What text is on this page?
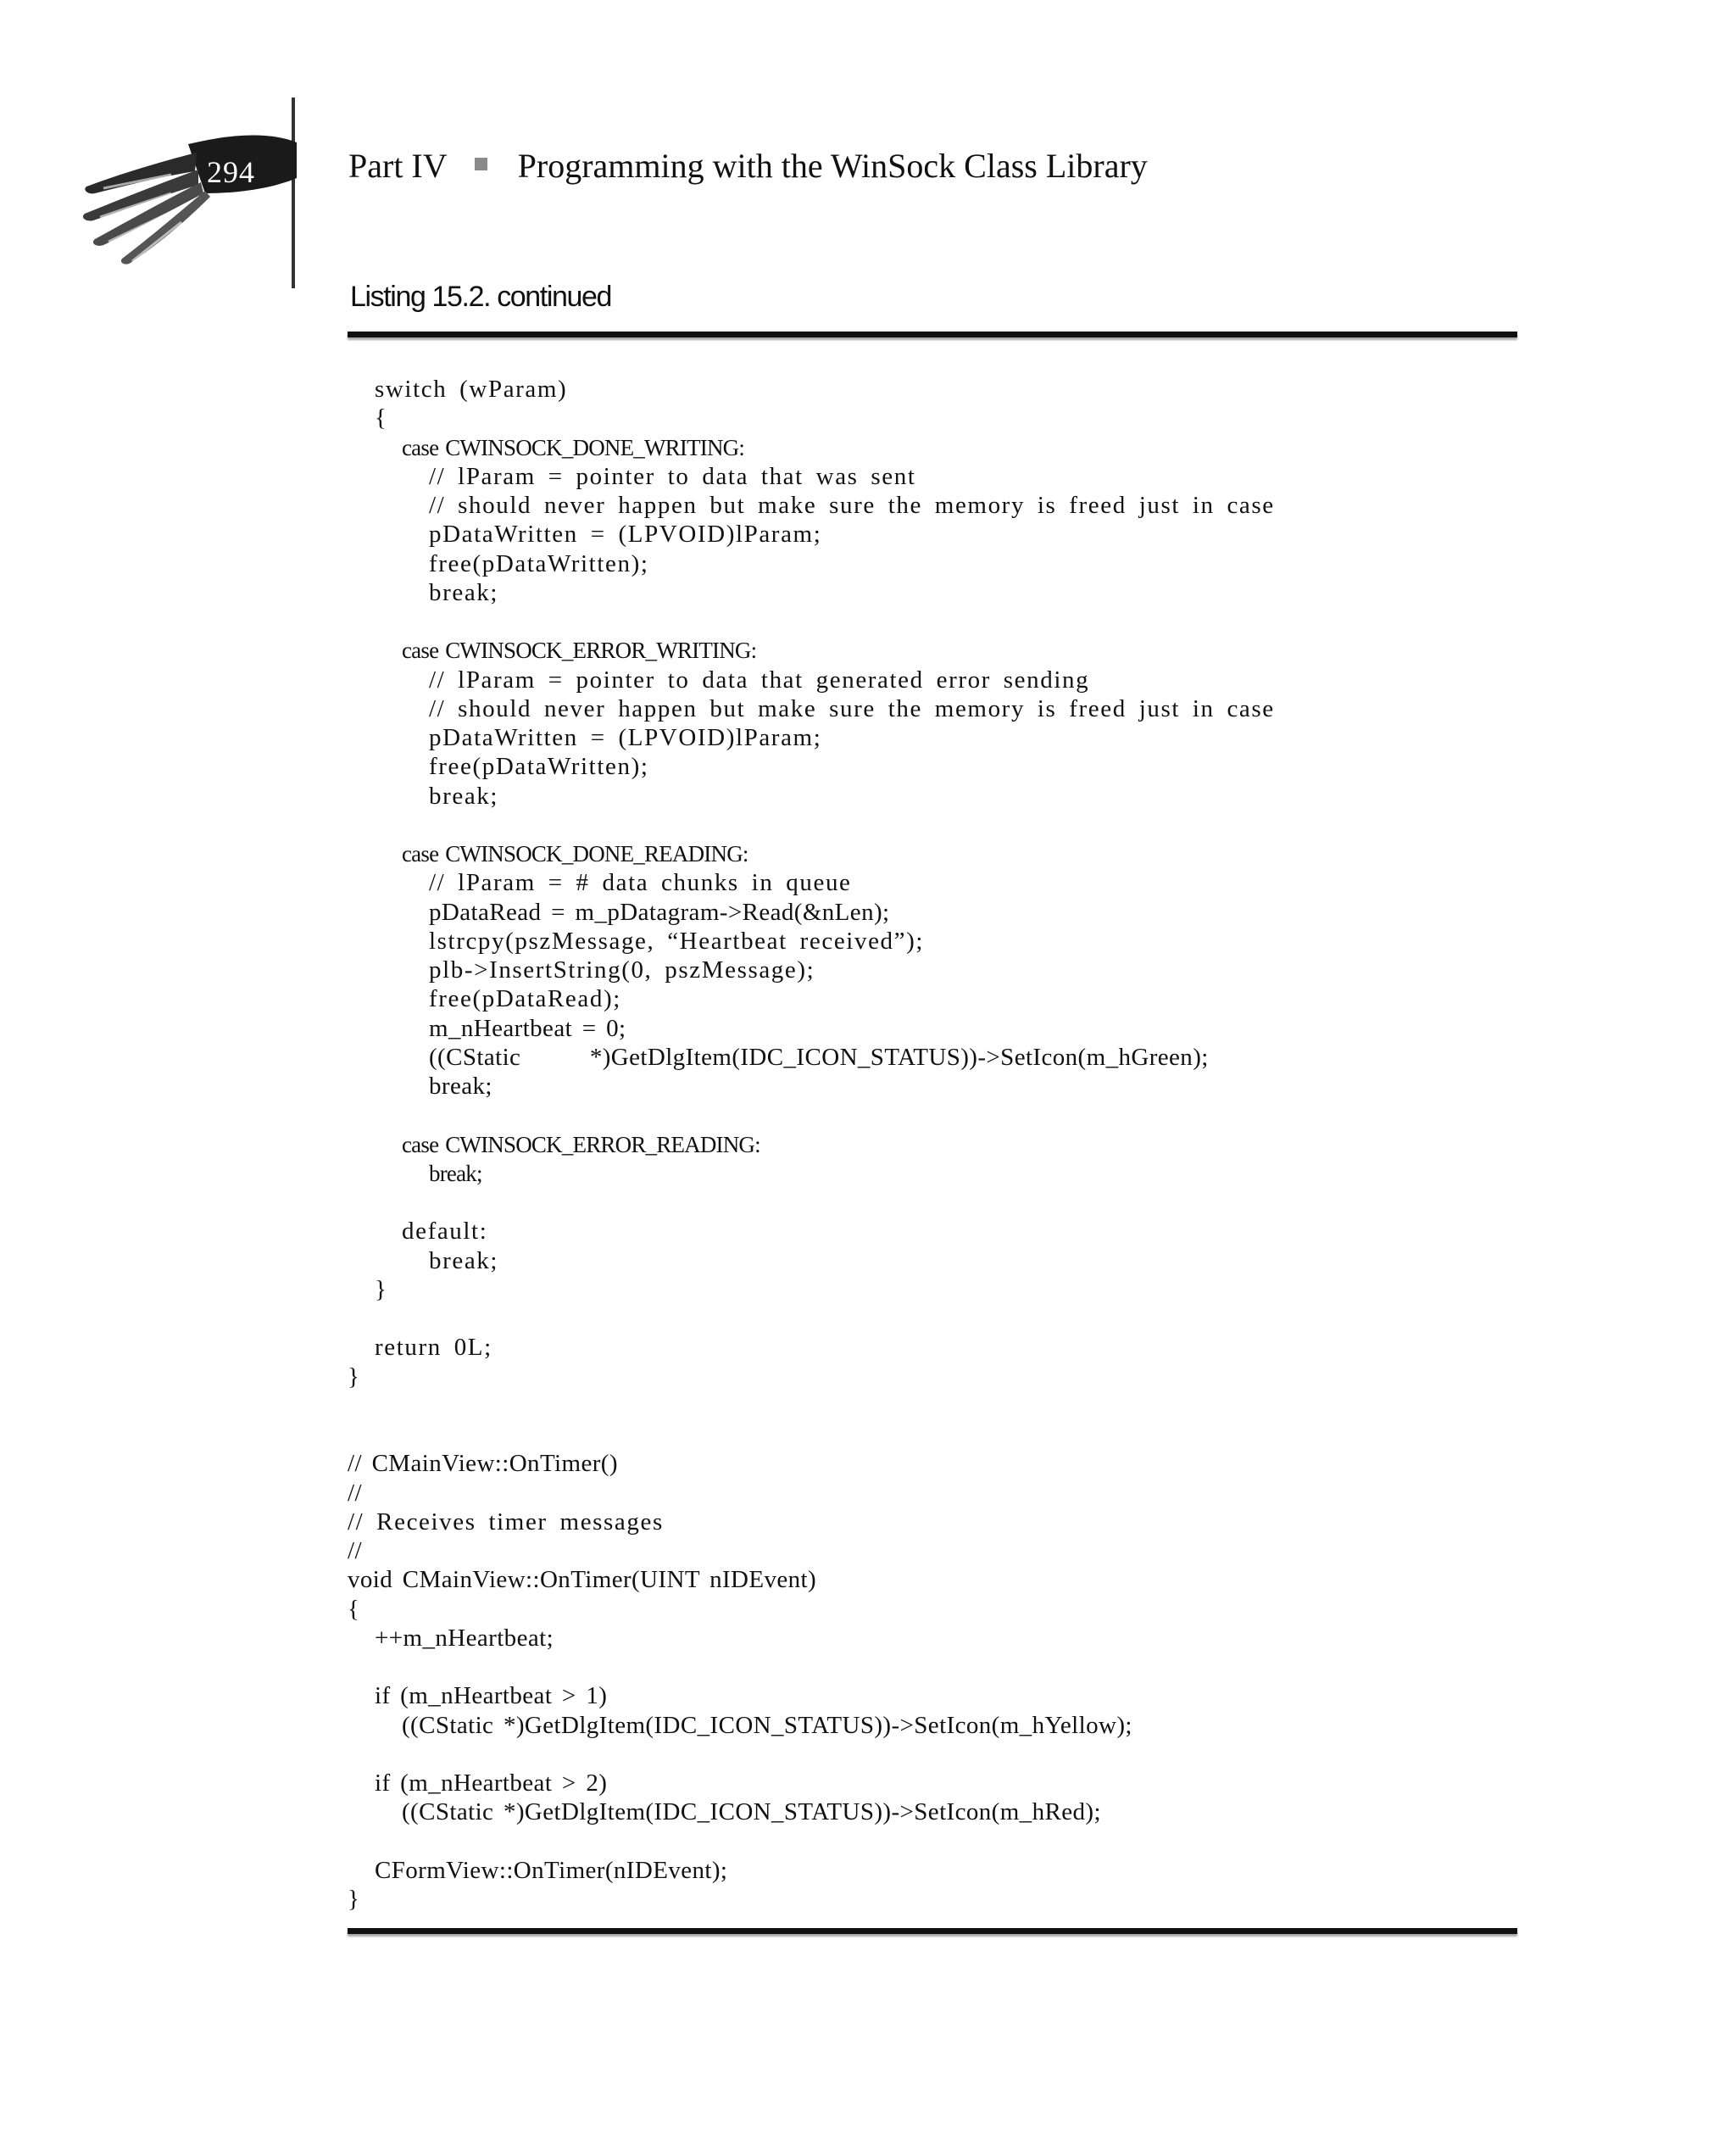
294	Part IV Programming with the WinSock Class Library
Listing 15.2. continued
switch (wParam)
{
case CWINSOCK_DONE_WRITING:
// lParam = pointer to data that was sent
// should never happen but make sure the memory is freed just in case
pDataWritten = (LPVOID)lParam;
free(pDataWritten);
break;
case CWINSOCK_ERROR_WRITING:
// lParam = pointer to data that generated error sending
// should never happen but make sure the memory is freed just in case
pDataWritten = (LPVOID)lParam;
free(pDataWritten);
break;
case CWINSOCK_DONE_READING:
// lParam = # data chunks in queue
pDataRead = m_pDatagram->Read(&nLen);
lstrcpy(pszMessage, “Heartbeat received”);
plb->InsertString(0, pszMessage);
free(pDataRead);
m_nHeartbeat = 0;
((CStatic       *)GetDlgItem(IDC_ICON_STATUS))->SetIcon(m_hGreen);
break;
case CWINSOCK_ERROR_READING:
break;
default:
break;
}
return 0L;
}
// CMainView::OnTimer()
//
// Receives timer messages
//
void CMainView::OnTimer(UINT nIDEvent)
{
++m_nHeartbeat;
if (m_nHeartbeat > 1)
((CStatic *)GetDlgItem(IDC_ICON_STATUS))->SetIcon(m_hYellow);
if (m_nHeartbeat > 2)
((CStatic *)GetDlgItem(IDC_ICON_STATUS))->SetIcon(m_hRed);
CFormView::OnTimer(nIDEvent);
}
